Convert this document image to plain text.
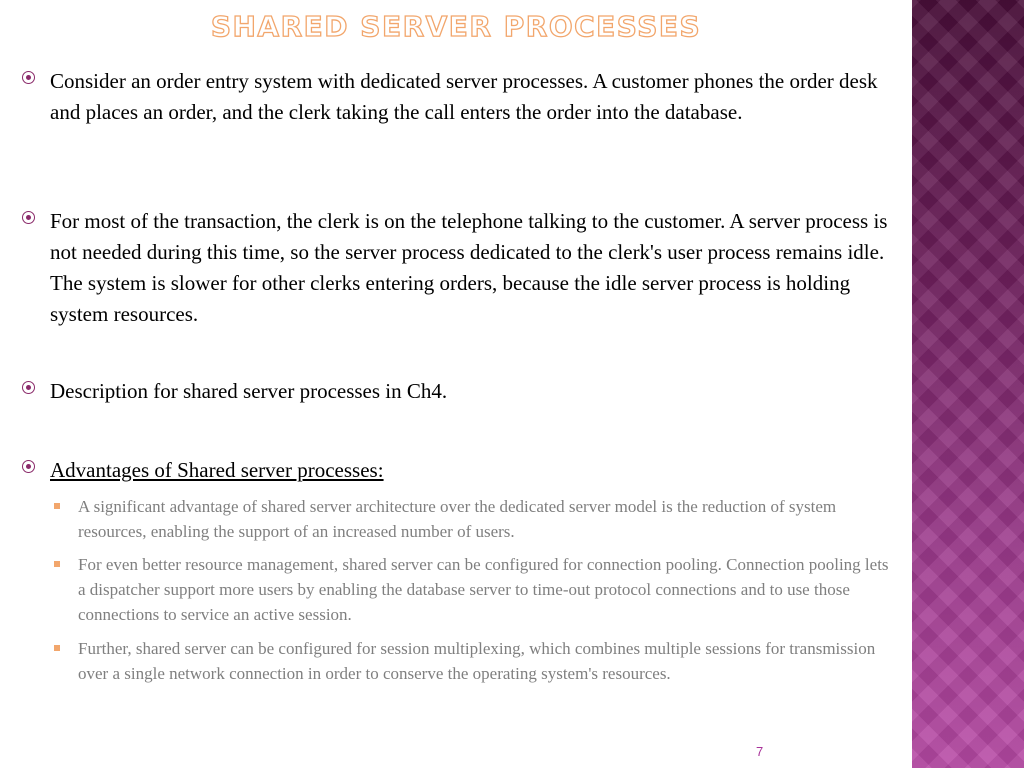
SHARED SERVER PROCESSES
Consider an order entry system with dedicated server processes. A customer phones the order desk and places an order, and the clerk taking the call enters the order into the database.
For most of the transaction, the clerk is on the telephone talking to the customer. A server process is not needed during this time, so the server process dedicated to the clerk's user process remains idle. The system is slower for other clerks entering orders, because the idle server process is holding system resources.
Description for shared server processes in Ch4.
Advantages of Shared server processes:
A significant advantage of shared server architecture over the dedicated server model is the reduction of system resources, enabling the support of an increased number of users.
For even better resource management, shared server can be configured for connection pooling. Connection pooling lets a dispatcher support more users by enabling the database server to time-out protocol connections and to use those connections to service an active session.
Further, shared server can be configured for session multiplexing, which combines multiple sessions for transmission over a single network connection in order to conserve the operating system's resources.
7
